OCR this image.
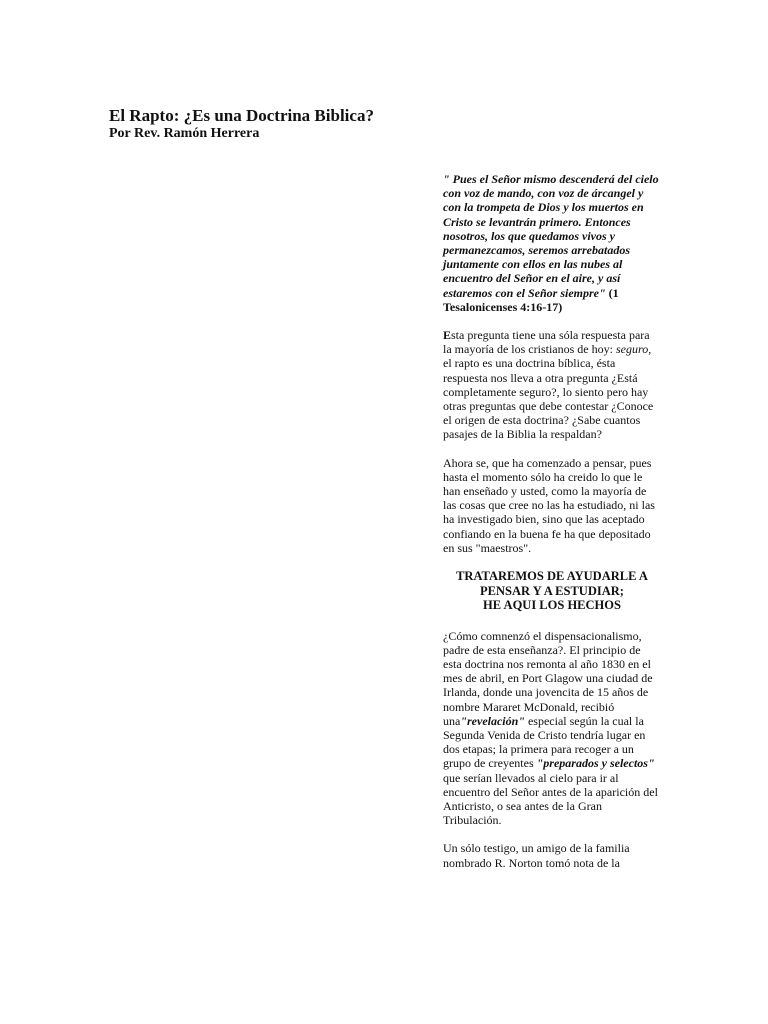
El Rapto: ¿Es una Doctrina Biblica?
Por Rev. Ramón Herrera

" Pues el Señor mismo descenderá del cielo con voz de mando, con voz de árcangel y con la trompeta de Dios y los muertos en Cristo se levantrán primero. Entonces nosotros, los que quedamos vivos y permanezcamos, seremos arrebatados juntamente con ellos en las nubes al encuentro del Señor en el aire, y así estaremos con el Señor siempre" (1 Tesalonicenses 4:16-17)

Esta pregunta tiene una sóla respuesta para la mayoría de los cristianos de hoy: seguro, el rapto es una doctrina bíblica, ésta respuesta nos lleva a otra pregunta ¿Está completamente seguro?, lo siento pero hay otras preguntas que debe contestar ¿Conoce el origen de esta doctrina? ¿Sabe cuantos pasajes de la Biblia la respaldan?

Ahora se, que ha comenzado a pensar, pues hasta el momento sólo ha creido lo que le han enseñado y usted, como la mayoría de las cosas que cree no las ha estudiado, ni las ha investigado bien, sino que las aceptado confiando en la buena fe ha que depositado en sus "maestros".

TRATAREMOS DE AYUDARLE A
PENSAR Y A ESTUDIAR;
HE AQUI LOS HECHOS

¿Cómo comnenzó el dispensacionalismo, padre de esta enseñanza?. El principio de esta doctrina nos remonta al año 1830 en el mes de abril, en Port Glagow una ciudad de Irlanda, donde una jovencita de 15 años de nombre Mararet McDonald, recibió una"revelación" especial según la cual la Segunda Venida de Cristo tendría lugar en dos etapas; la primera para recoger a un grupo de creyentes "preparados y selectos" que serían llevados al cielo para ir al encuentro del Señor antes de la aparición del Anticristo, o sea antes de la Gran Tribulación.

Un sólo testigo, un amigo de la familia nombrado R. Norton tomó nota de la
